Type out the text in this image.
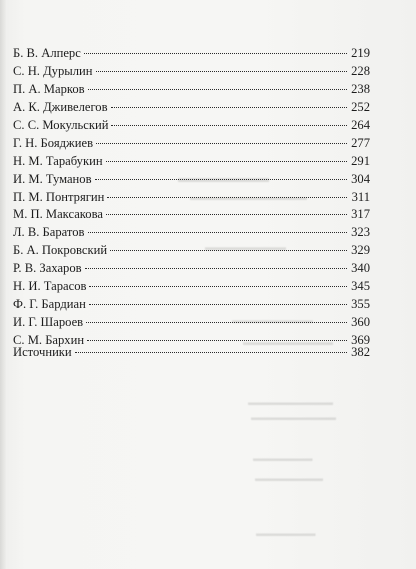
▬▬▬▬▬▬▬
▬▬▬▬▬▬▬▬▬▬▬▬▬
▬▬▬▬▬▬▬▬▬
▬▬▬▬▬▬▬▬▬
▬▬▬▬▬▬▬▬▬▬
▬▬▬▬▬▬▬▬▬▬
▬▬▬▬▬▬▬▬▬▬
▬▬▬▬▬▬▬
▬▬▬▬▬▬▬▬
▬▬▬▬▬▬▬
Б. В. Алперс	219
С. Н. Дурылин	228
П. А. Марков	238
А. К. Дживелегов	252
С. С. Мокульский	264
Г. Н. Бояджиев	277
Н. М. Тарабукин	291
И. М. Туманов	304
П. М. Понтрягин	311
М. П. Максакова	317
Л. В. Баратов	323
Б. А. Покровский	329
Р. В. Захаров	340
Н. И. Тарасов	345
Ф. Г. Бардиан	355
И. Г. Шароев	360
С. М. Бархин	369
Источники	382
